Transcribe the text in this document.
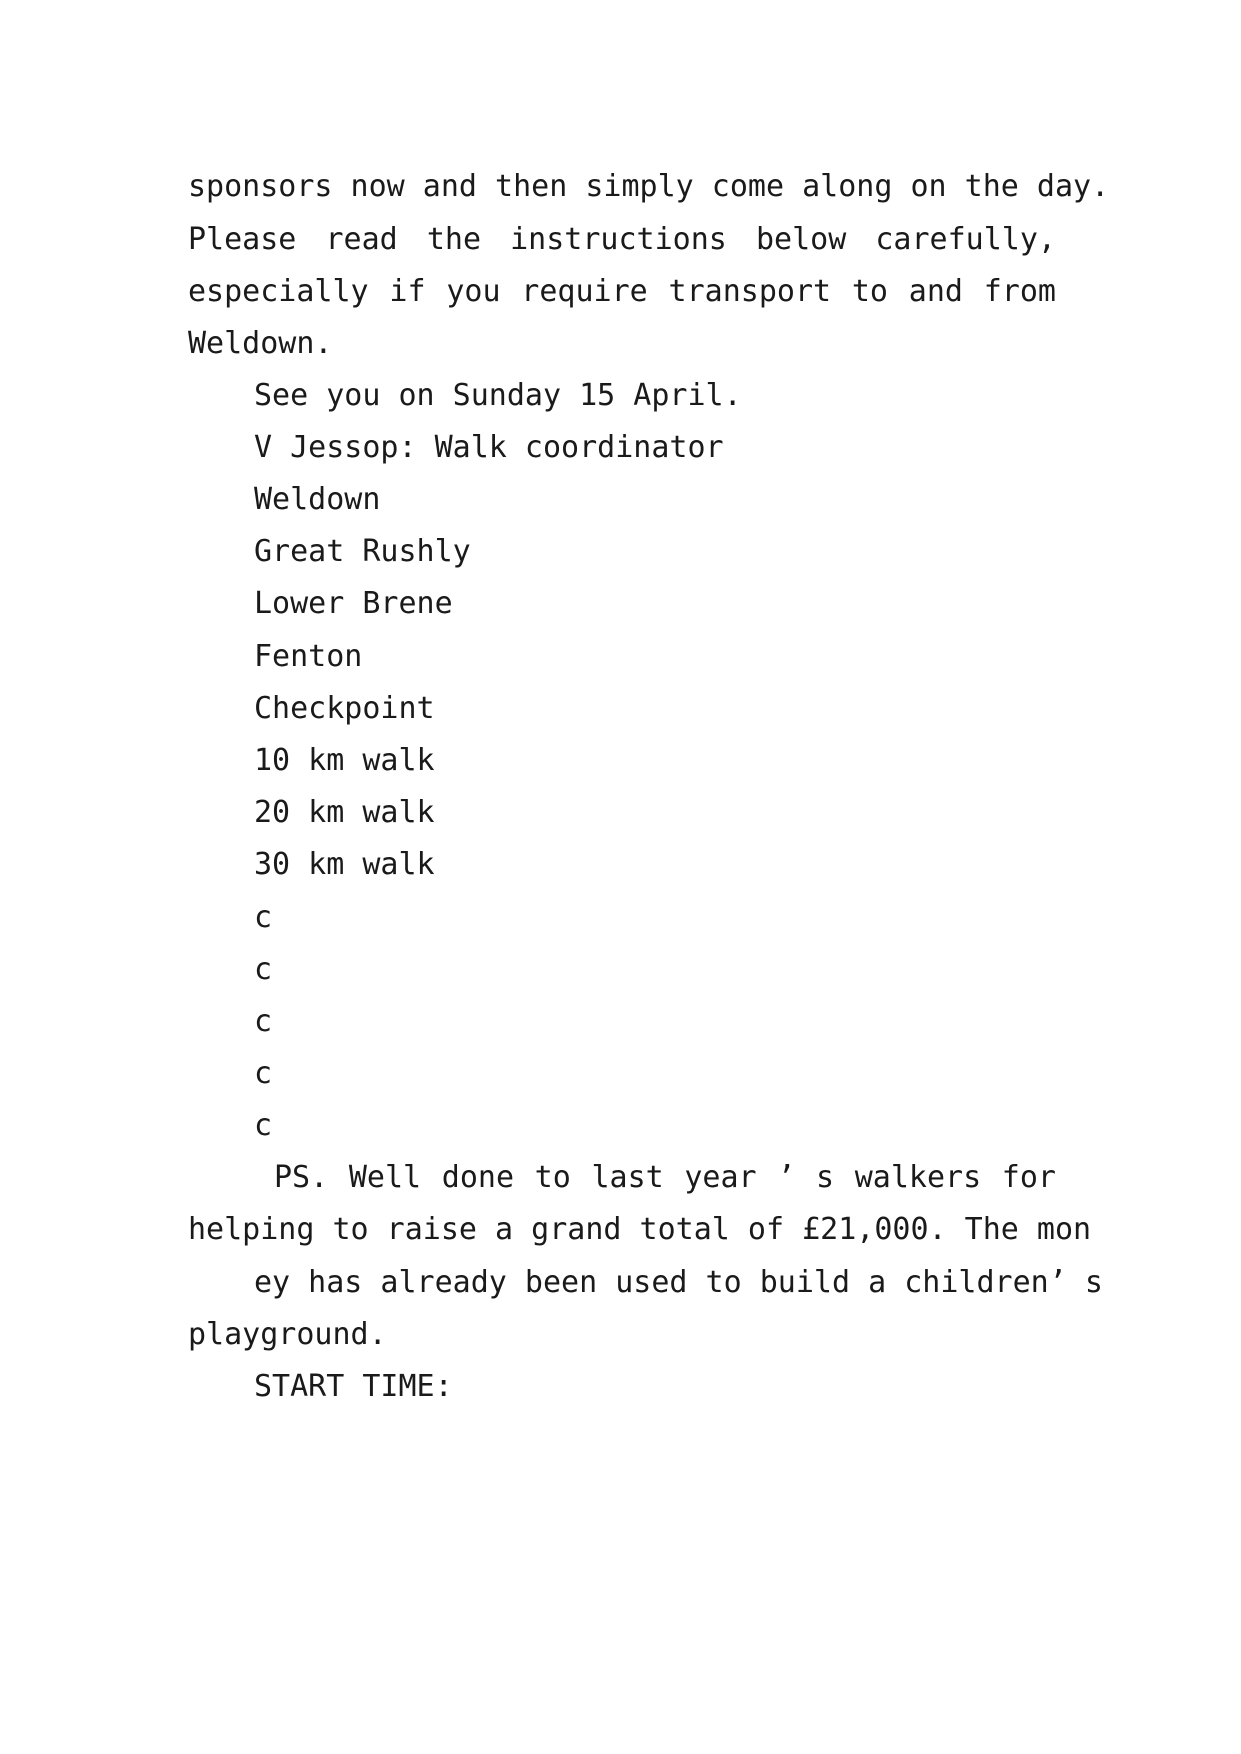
sponsors now and then simply come along on the day.
Please read the instructions below carefully,
especially if you require transport to and from
Weldown.
See you on Sunday 15 April.
V Jessop: Walk coordinator
Weldown
Great Rushly
Lower Brene
Fenton
Checkpoint
10 km walk
20 km walk
30 km walk
c
c
c
c
c
PS. Well done to last year ’ s walkers for
helping to raise a grand total of £21,000. The mon
ey has already been used to build a children’ s
playground.
START TIME:
